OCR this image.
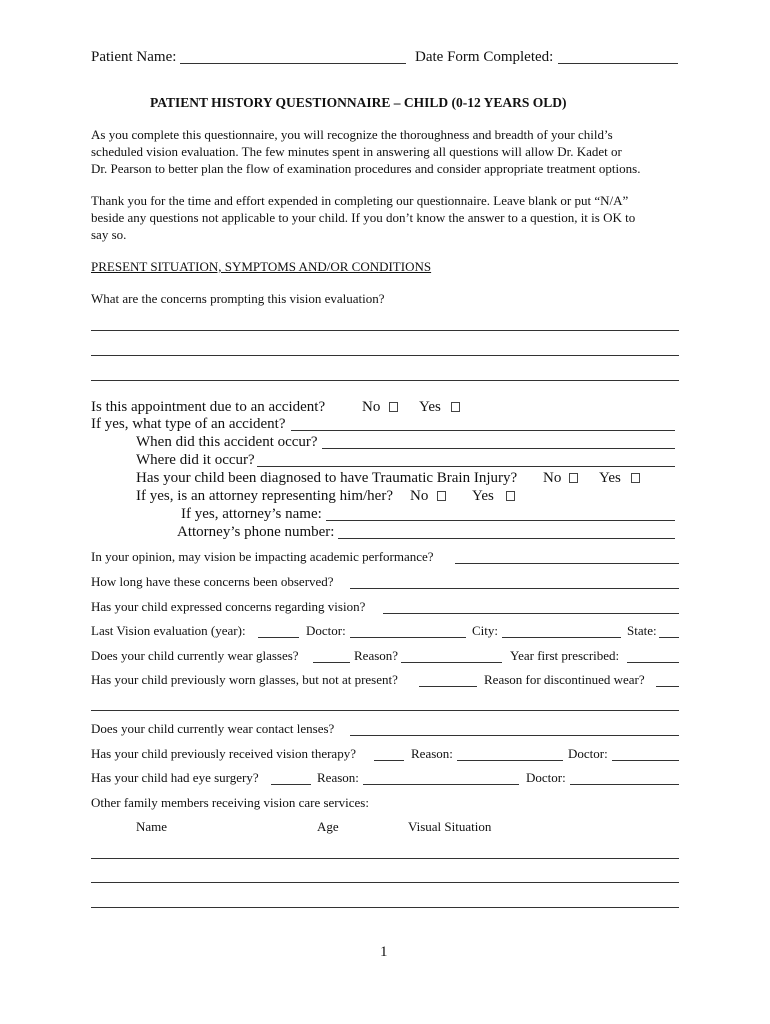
Patient Name:	Date Form Completed:
PATIENT HISTORY QUESTIONNAIRE – CHILD (0-12 YEARS OLD)
As you complete this questionnaire, you will recognize the thoroughness and breadth of your child’s
scheduled vision evaluation. The few minutes spent in answering all questions will allow Dr. Kadet or
Dr. Pearson to better plan the flow of examination procedures and consider appropriate treatment options.
Thank you for the time and effort expended in completing our questionnaire. Leave blank or put “N/A”
beside any questions not applicable to your child. If you don’t know the answer to a question, it is OK to
say so.
PRESENT SITUATION, SYMPTOMS AND/OR CONDITIONS
What are the concerns prompting this vision evaluation?
Is this appointment due to an accident? No	Yes
If yes, what type of an accident?
When did this accident occur?
Where did it occur?
Has your child been diagnosed to have Traumatic Brain Injury? No	Yes
If yes, is an attorney representing him/her? No	Yes
If yes, attorney’s name:
Attorney’s phone number:
In your opinion, may vision be impacting academic performance?
How long have these concerns been observed?
Has your child expressed concerns regarding vision?
Last Vision evaluation (year):	Doctor:	City:	State:
Does your child currently wear glasses?	Reason?	Year first prescribed:
Has your child previously worn glasses, but not at present?	Reason for discontinued wear?
Does your child currently wear contact lenses?
Has your child previously received vision therapy?	Reason:	Doctor:
Has your child had eye surgery?	Reason:	Doctor:
Other family members receiving vision care services:
Name	Age	Visual Situation
1
